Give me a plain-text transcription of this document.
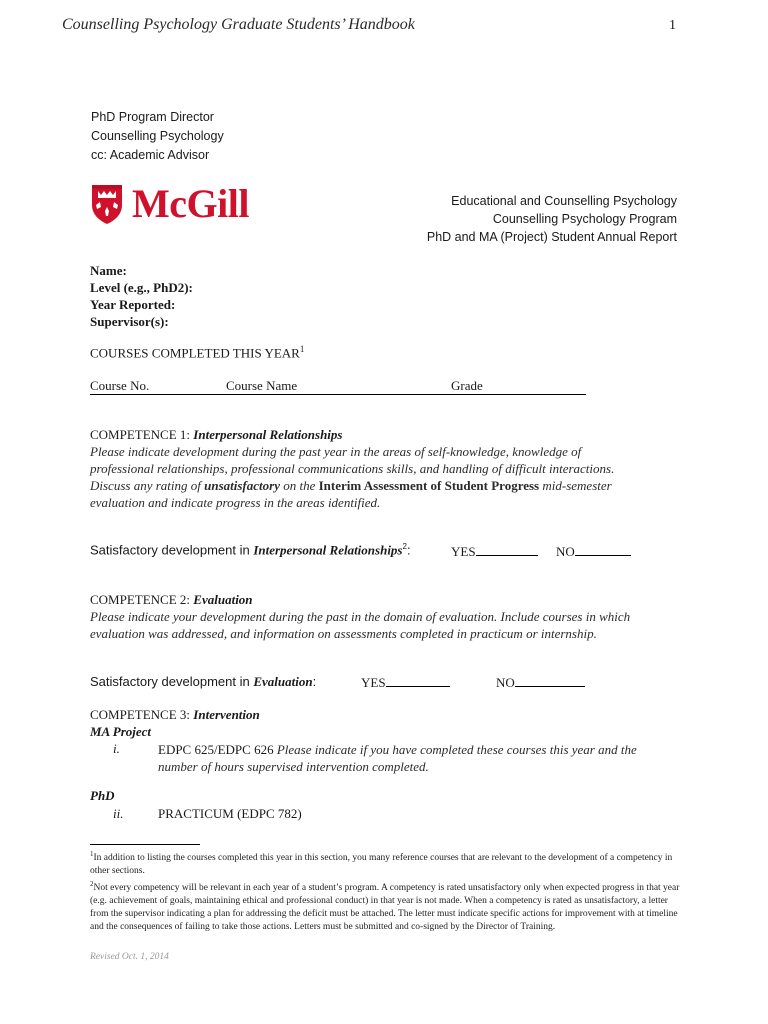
Counselling Psychology Graduate Students’ Handbook	1
PhD Program Director
Counselling Psychology
cc: Academic Advisor
McGill	Educational and Counselling Psychology
Counselling Psychology Program
PhD and MA (Project) Student Annual Report
Name:
Level (e.g., PhD2):
Year Reported:
Supervisor(s):
COURSES COMPLETED THIS YEAR$^1$
Course No.	Course Name	Grade
COMPETENCE 1: Interpersonal Relationships
Please indicate development during the past year in the areas of self-knowledge, knowledge of
professional relationships, professional communications skills, and handling of difficult interactions.
Discuss any rating of unsatisfactory on the Interim Assessment of Student Progress mid-semester
evaluation and indicate progress in the areas identified.
Satisfactory development in Interpersonal Relationships$^2$:	YES	NO
COMPETENCE 2: Evaluation
Please indicate your development during the past in the domain of evaluation. Include courses in which
evaluation was addressed, and information on assessments completed in practicum or internship.
Satisfactory development in Evaluation:	YES	NO
COMPETENCE 3: Intervention
MA Project
i.	EDPC 625/EDPC 626 Please indicate if you have completed these courses this year and the
number of hours supervised intervention completed.
PhD
ii.	PRACTICUM (EDPC 782)
$^1$In addition to listing the courses completed this year in this section, you many reference courses that are relevant to the development of a competency in other sections.
$^2$Not every competency will be relevant in each year of a student’s program. A competency is rated unsatisfactory only when expected progress in that year (e.g. achievement of goals, maintaining ethical and professional conduct) in that year is not made. When a competency is rated as unsatisfactory, a letter from the supervisor indicating a plan for addressing the deficit must be attached. The letter must indicate specific actions for improvement with at timeline and the consequences of failing to take those actions. Letters must be submitted and co-signed by the Director of Training.
Revised Oct. 1, 2014
